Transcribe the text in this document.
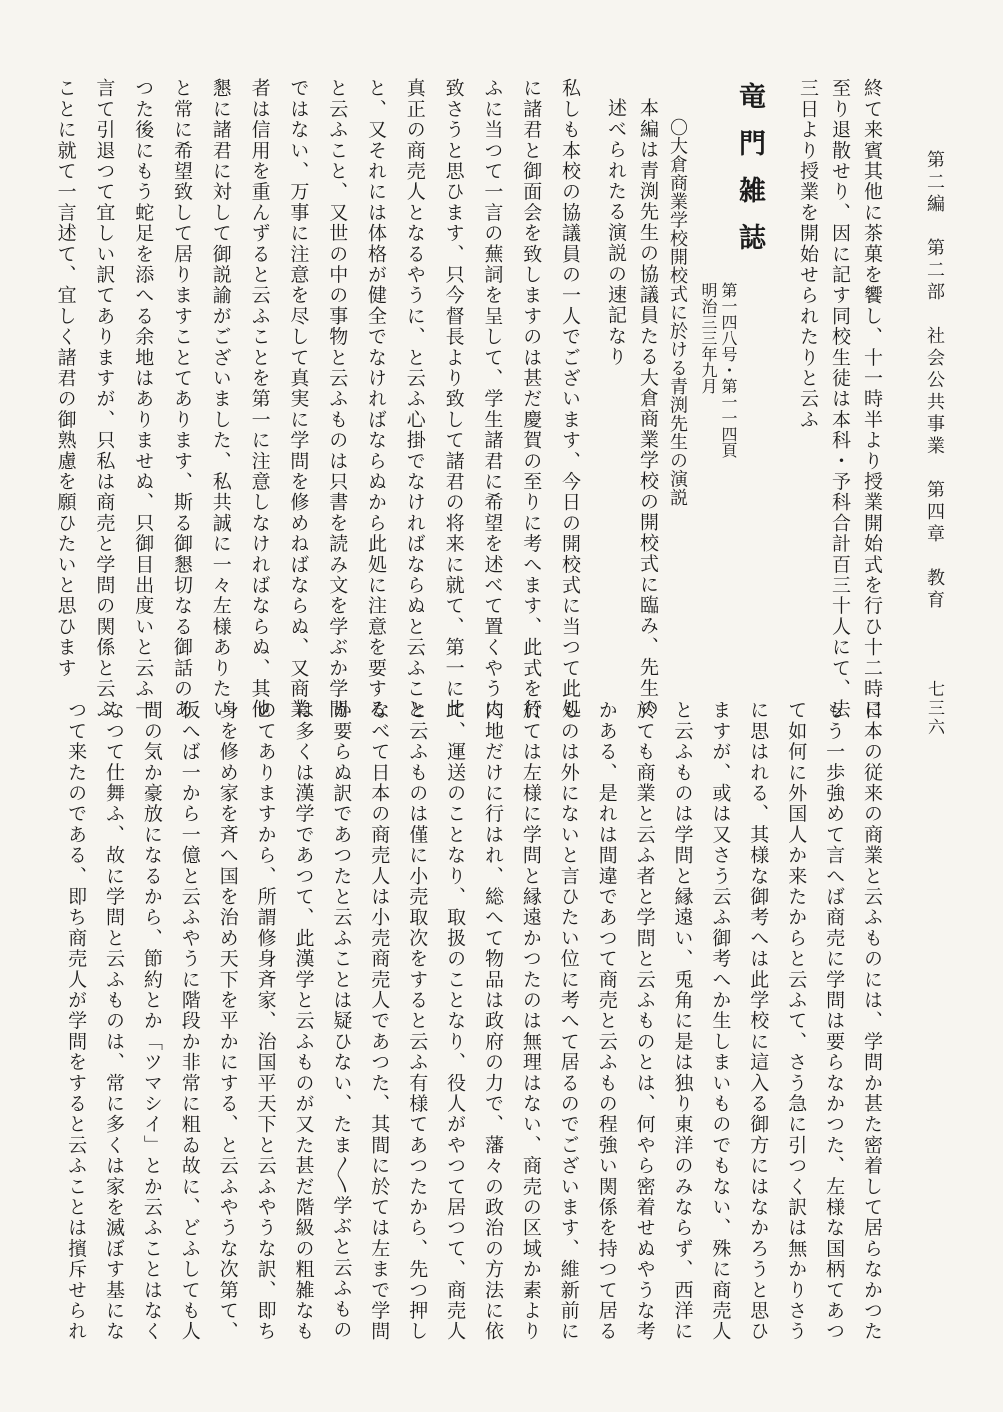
第二編　第二部　社会公共事業　第四章　教育
七三六
終て来賓其他に茶菓を饗し、十一時半より授業開始式を行ひ十二時に
至り退散せり、因に記す同校生徒は本科・予科合計百三十人にて、去
三日より授業を開始せられたりと云ふ
竜門雑誌
第一四八号・第一一四頁
明治三三年九月
〇大倉商業学校開校式に於ける青渕先生の演説
本編は青渕先生の協議員たる大倉商業学校の開校式に臨み、先生の
述べられたる演説の速記なり
私しも本校の協議員の一人でございます、今日の開校式に当つて此処
に諸君と御面会を致しますのは甚だ慶賀の至りに考へます、此式を行
ふに当つて一言の蕪詞を呈して、学生諸君に希望を述べて置くやうに
致さうと思ひます、只今督長より致して諸君の将来に就て、第一に此
真正の商売人となるやうに、と云ふ心掛でなければならぬと云ふこと
と、又それには体格が健全でなければならぬから此処に注意を要する
と云ふこと、又世の中の事物と云ふものは只書を読み文を学ぶか学問
ではない、万事に注意を尽して真実に学問を修めねばならぬ、又商業
者は信用を重んずると云ふことを第一に注意しなければならぬ、其他
懇に諸君に対して御説諭がございました、私共誠に一々左様ありたい
と常に希望致して居りますことてあります、斯る御懇切なる御話のあ
つた後にもう蛇足を添へる余地はありませぬ、只御目出度いと云ふ一
言て引退つて宜しい訳てありますが、只私は商売と学問の関係と云ふ
ことに就て一言述て、宜しく諸君の御熟慮を願ひたいと思ひます
日本の従来の商業と云ふものには、学問か甚た密着して居らなかつた
もう一歩強めて言へば商売に学問は要らなかつた、左様な国柄てあつ
て如何に外国人か来たからと云ふて、さう急に引つく訳は無かりさう
に思はれる、其様な御考へは此学校に這入る御方にはなかろうと思ひ
ますが、或は又さう云ふ御考へか生しまいものでもない、殊に商売人
と云ふものは学問と縁遠い、兎角に是は独り東洋のみならず、西洋に
於ても商業と云ふ者と学問と云ふものとは、何やら密着せぬやうな考
かある、是れは間違であつて商売と云ふもの程強い関係を持つて居る
ものは外にないと言ひたい位に考へて居るのでございます、維新前に
於ては左様に学問と縁遠かつたのは無理はない、商売の区域か素より
内地だけに行はれ、総へて物品は政府の力で、藩々の政治の方法に依
て、運送のことなり、取扱のことなり、役人がやつて居つて、商売人
と云ふものは僅に小売取次をすると云ふ有様てあつたから、先つ押し
なべて日本の商売人は小売商売人であつた、其間に於ては左まで学問
か要らぬ訳であつたと云ふことは疑ひない、たま〳〵学ぶと云ふもの
は多くは漢学であつて、此漢学と云ふものが又た甚だ階級の粗雑なも
のてありますから、所謂修身斉家、治国平天下と云ふやうな訳、即ち
身を修め家を斉へ国を治め天下を平かにする、と云ふやうな次第て、
仮へば一から一億と云ふやうに階段か非常に粗ゐ故に、どふしても人
間の気か豪放になるから、節約とか「ツマシイ」とか云ふことはなく
なつて仕舞ふ、故に学問と云ふものは、常に多くは家を滅ぼす基にな
つて来たのである、即ち商売人が学問をすると云ふことは擯斥せられ
